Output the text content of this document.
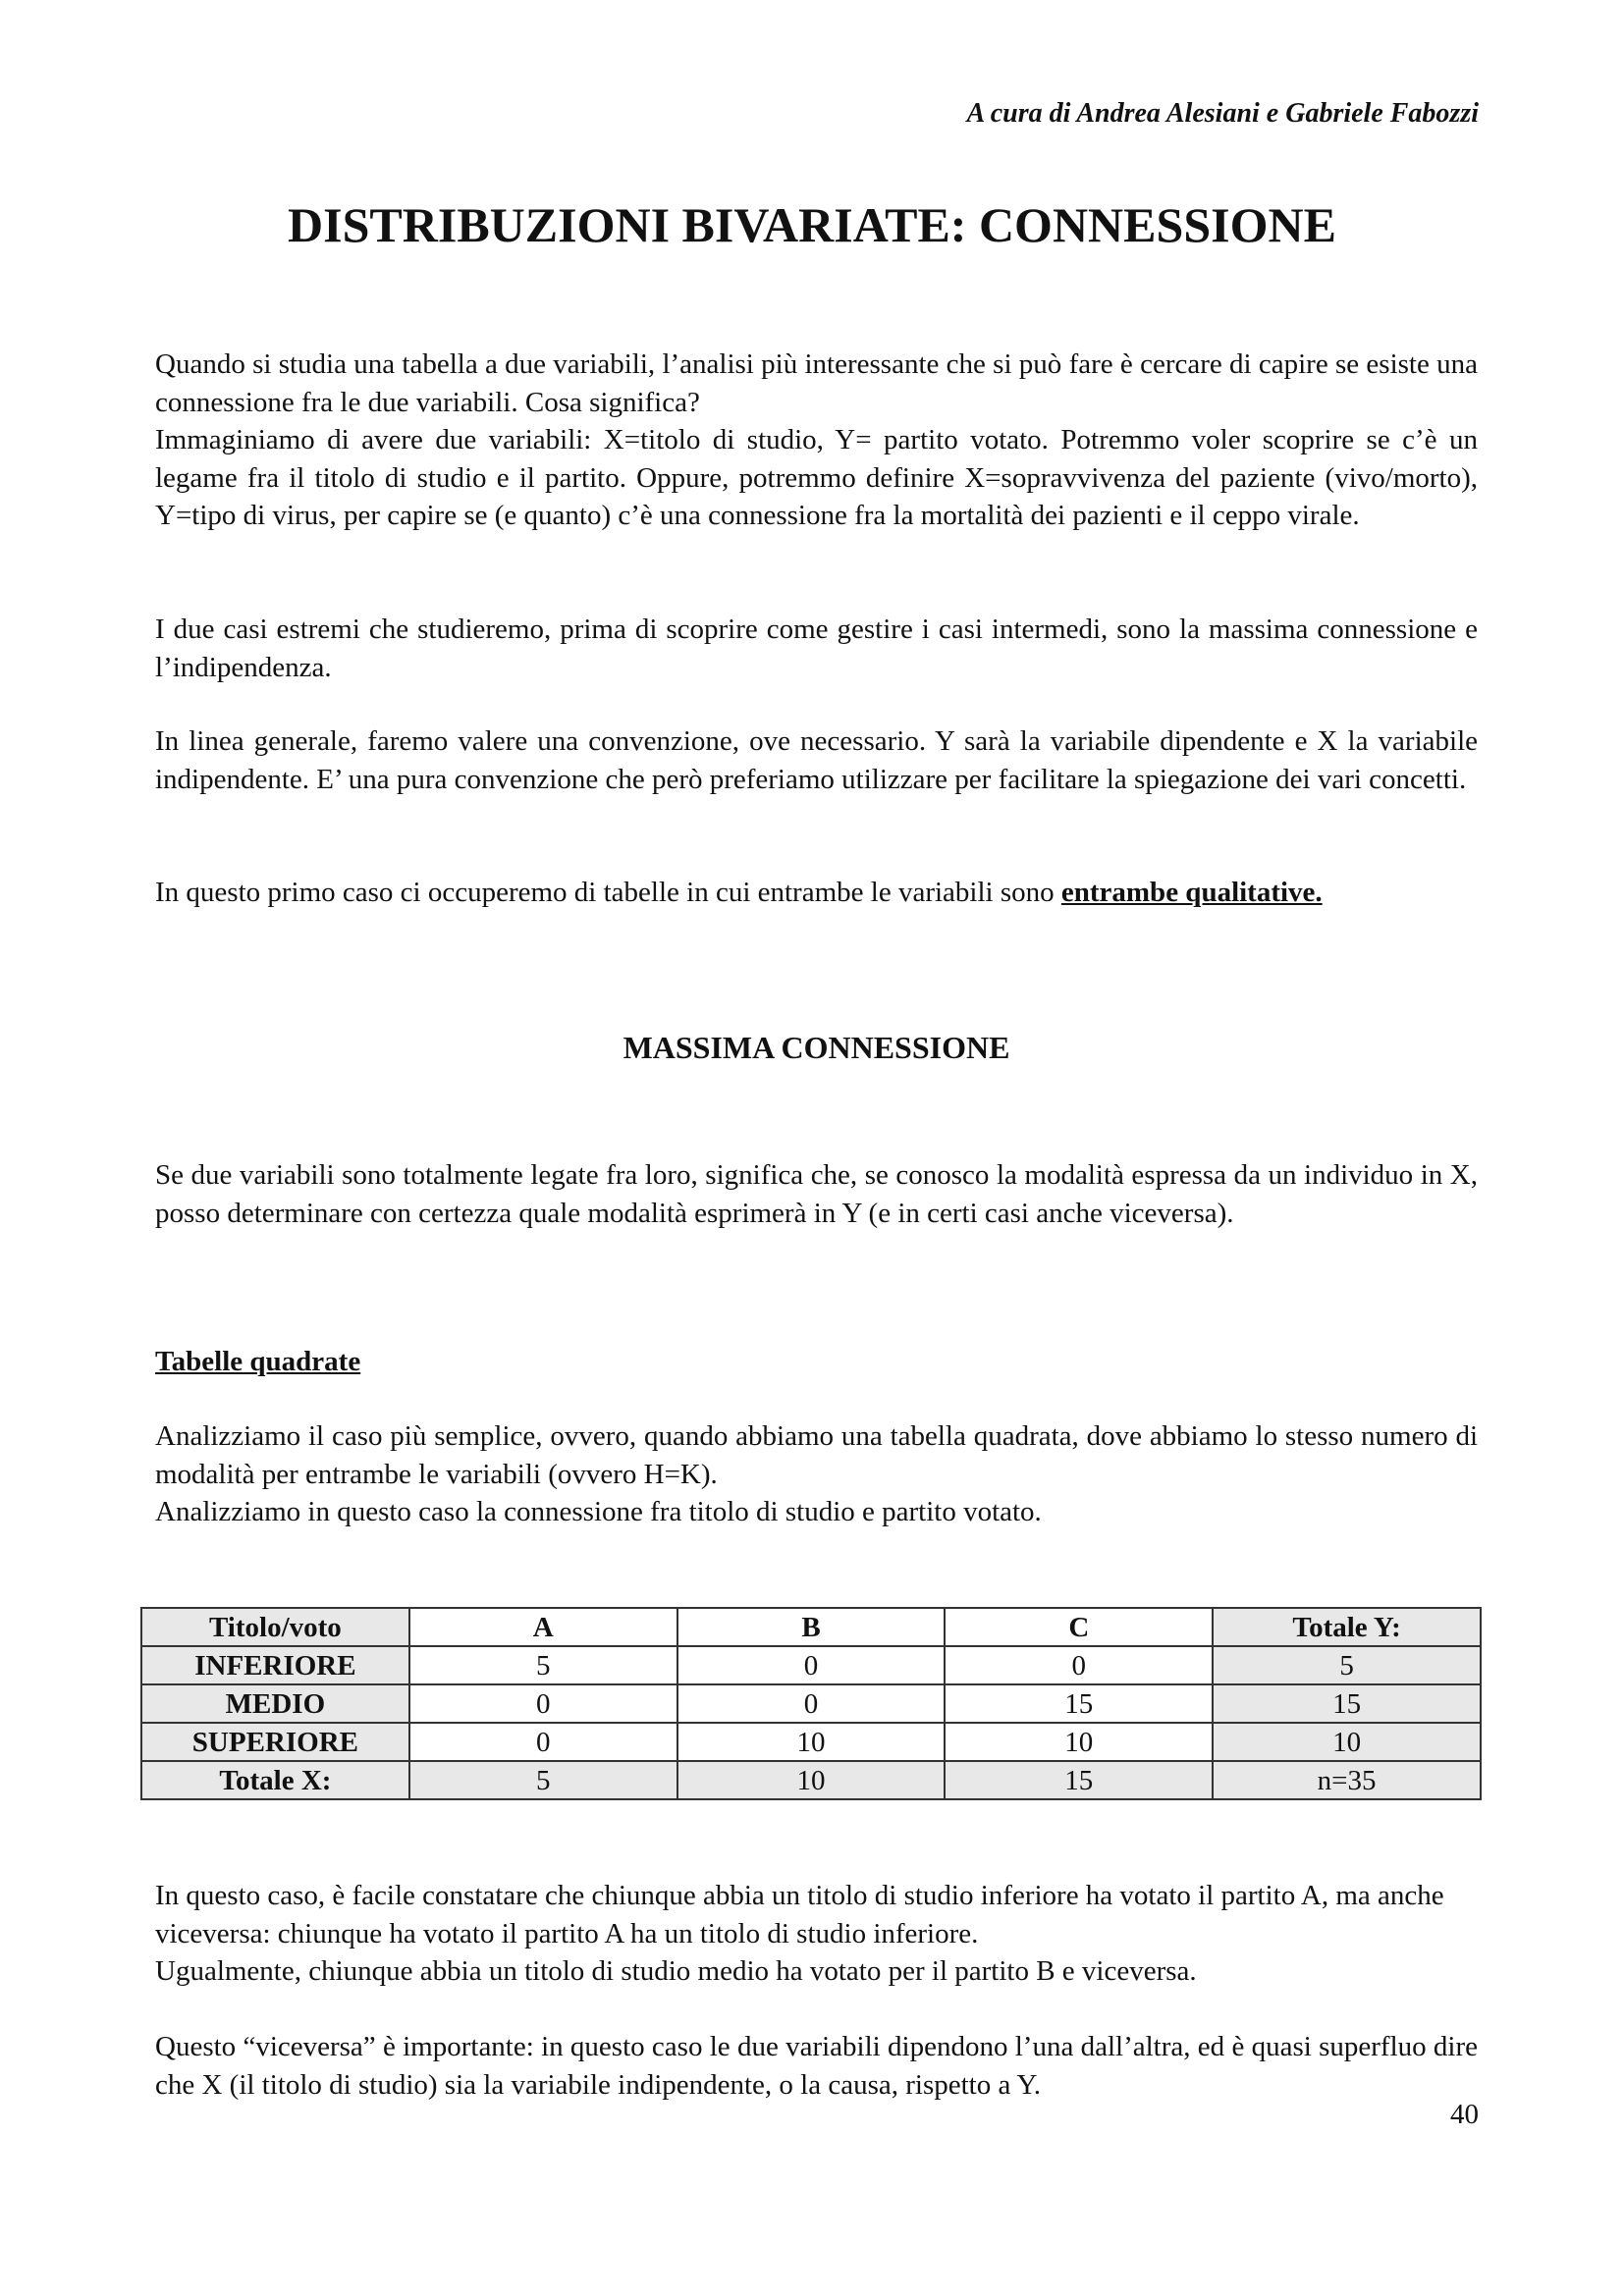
A cura di Andrea Alesiani e Gabriele Fabozzi
DISTRIBUZIONI BIVARIATE: CONNESSIONE

Quando si studia una tabella a due variabili, l’analisi più interessante che si può fare è cercare di capire se esiste una connessione fra le due variabili. Cosa significa?

Immaginiamo di avere due variabili: X=titolo di studio, Y= partito votato. Potremmo voler scoprire se c’è un legame fra il titolo di studio e il partito. Oppure, potremmo definire X=sopravvivenza del paziente (vivo/morto), Y=tipo di virus, per capire se (e quanto) c’è una connessione fra la mortalità dei pazienti e il ceppo virale.

I due casi estremi che studieremo, prima di scoprire come gestire i casi intermedi, sono la massima connessione e l’indipendenza.

In linea generale, faremo valere una convenzione, ove necessario. Y sarà la variabile dipendente e X la variabile indipendente. E’ una pura convenzione che però preferiamo utilizzare per facilitare la spiegazione dei vari concetti.

In questo primo caso ci occuperemo di tabelle in cui entrambe le variabili sono entrambe qualitative.

MASSIMA CONNESSIONE

Se due variabili sono totalmente legate fra loro, significa che, se conosco la modalità espressa da un individuo in X, posso determinare con certezza quale modalità esprimerà in Y (e in certi casi anche viceversa).

Tabelle quadrate

Analizziamo il caso più semplice, ovvero, quando abbiamo una tabella quadrata, dove abbiamo lo stesso numero di modalità per entrambe le variabili (ovvero H=K).

Analizziamo in questo caso la connessione fra titolo di studio e partito votato.

Titolo/voto	A	B	C	Totale Y:
INFERIORE	5	0	0	5
MEDIO	0	0	15	15
SUPERIORE	0	10	10	10
Totale X:	5	10	15	n=35

In questo caso, è facile constatare che chiunque abbia un titolo di studio inferiore ha votato il partito A, ma anche viceversa: chiunque ha votato il partito A ha un titolo di studio inferiore.

Ugualmente, chiunque abbia un titolo di studio medio ha votato per il partito B e viceversa.

Questo “viceversa” è importante: in questo caso le due variabili dipendono l’una dall’altra, ed è quasi superfluo dire che X (il titolo di studio) sia la variabile indipendente, o la causa, rispetto a Y.

40
